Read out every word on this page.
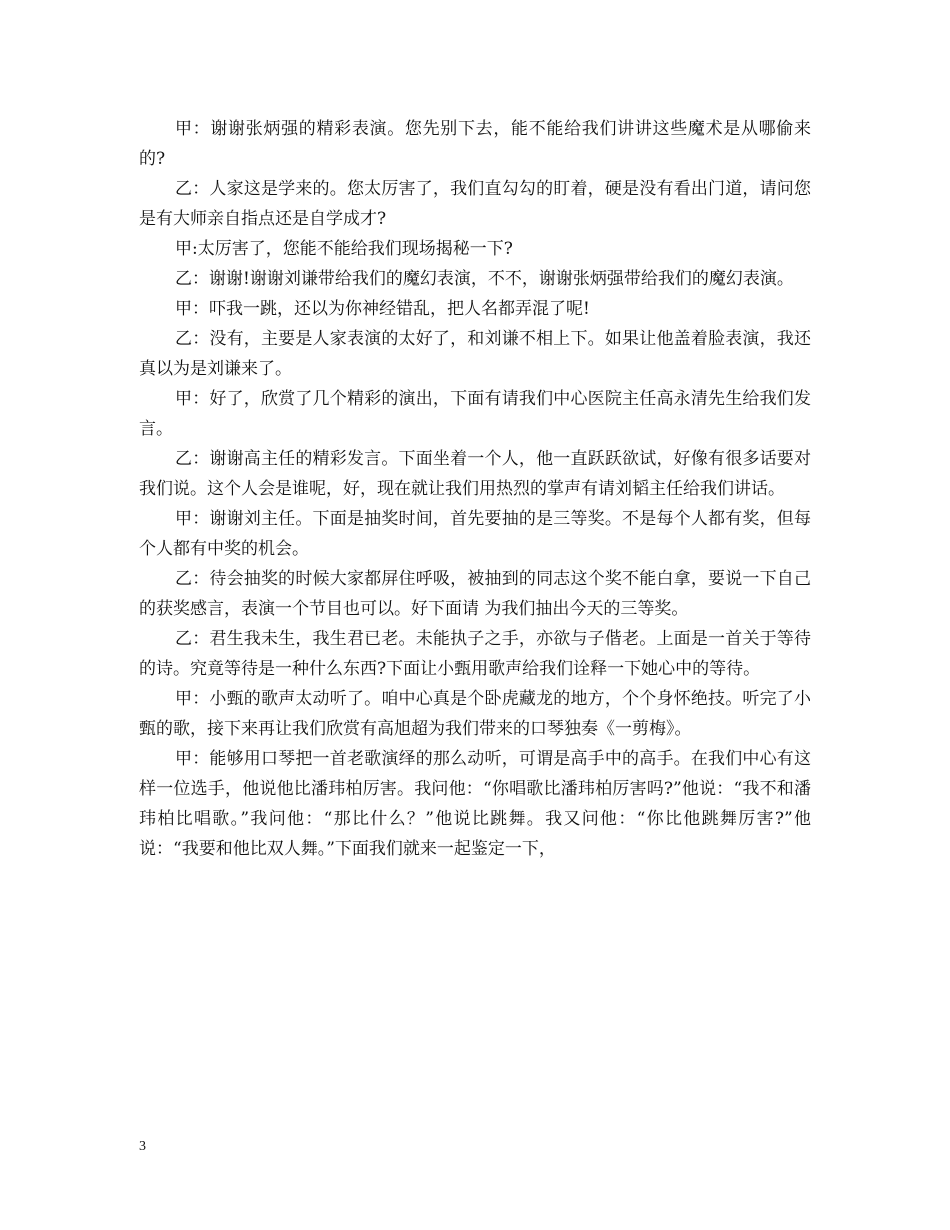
甲：谢谢张炳强的精彩表演。您先别下去，能不能给我们讲讲这些魔术是从哪偷来的?

乙：人家这是学来的。您太厉害了，我们直勾勾的盯着，硬是没有看出门道，请问您是有大师亲自指点还是自学成才?

甲:太厉害了，您能不能给我们现场揭秘一下?

乙：谢谢!谢谢刘谦带给我们的魔幻表演，不不，谢谢张炳强带给我们的魔幻表演。

甲：吓我一跳，还以为你神经错乱，把人名都弄混了呢!

乙：没有，主要是人家表演的太好了，和刘谦不相上下。如果让他盖着脸表演，我还真以为是刘谦来了。

甲：好了，欣赏了几个精彩的演出，下面有请我们中心医院主任高永清先生给我们发言。

乙：谢谢高主任的精彩发言。下面坐着一个人，他一直跃跃欲试，好像有很多话要对我们说。这个人会是谁呢，好，现在就让我们用热烈的掌声有请刘韬主任给我们讲话。

甲：谢谢刘主任。下面是抽奖时间，首先要抽的是三等奖。不是每个人都有奖，但每个人都有中奖的机会。

乙：待会抽奖的时候大家都屏住呼吸，被抽到的同志这个奖不能白拿，要说一下自己的获奖感言，表演一个节目也可以。好下面请 为我们抽出今天的三等奖。

乙：君生我未生，我生君已老。未能执子之手，亦欲与子偕老。上面是一首关于等待的诗。究竟等待是一种什么东西?下面让小甄用歌声给我们诠释一下她心中的等待。

甲：小甄的歌声太动听了。咱中心真是个卧虎藏龙的地方，个个身怀绝技。听完了小甄的歌，接下来再让我们欣赏有高旭超为我们带来的口琴独奏《一剪梅》。

甲：能够用口琴把一首老歌演绎的那么动听，可谓是高手中的高手。在我们中心有这样一位选手，他说他比潘玮柏厉害。我问他：“你唱歌比潘玮柏厉害吗?”他说：“我不和潘玮柏比唱歌。”我问他：“那比什么？”他说比跳舞。我又问他：“你比他跳舞厉害?”他说：“我要和他比双人舞。”下面我们就来一起鉴定一下，

3
